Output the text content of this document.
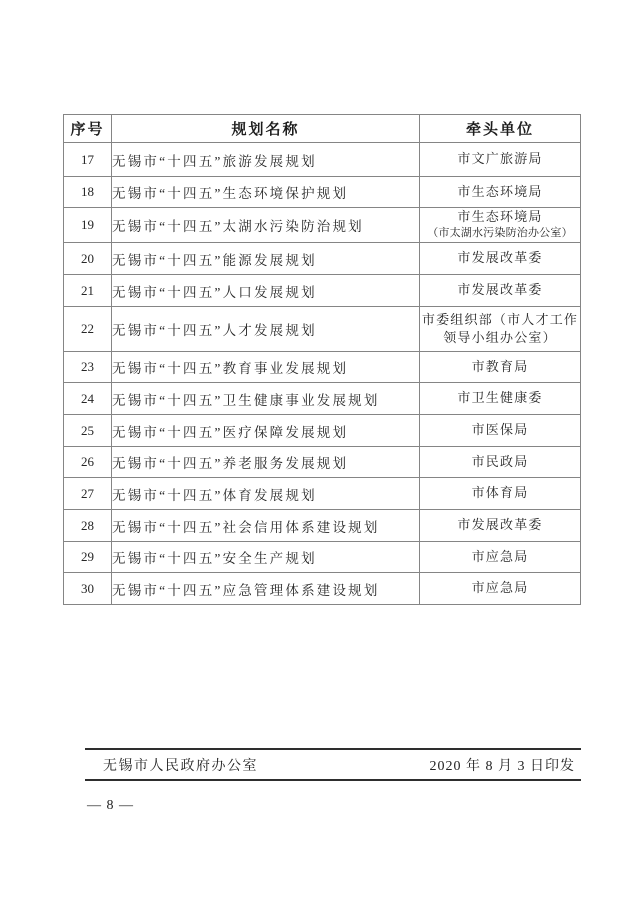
序号	规划名称	牵头单位
17	无锡市“十四五”旅游发展规划	市文广旅游局
18	无锡市“十四五”生态环境保护规划	市生态环境局
19	无锡市“十四五”太湖水污染防治规划	市生态环境局
（市太湖水污染防治办公室）

20	无锡市“十四五”能源发展规划	市发展改革委
21	无锡市“十四五”人口发展规划	市发展改革委
22	无锡市“十四五”人才发展规划	市委组织部（市人才工作
领导小组办公室）

23	无锡市“十四五”教育事业发展规划	市教育局
24	无锡市“十四五”卫生健康事业发展规划	市卫生健康委
25	无锡市“十四五”医疗保障发展规划	市医保局
26	无锡市“十四五”养老服务发展规划	市民政局
27	无锡市“十四五”体育发展规划	市体育局
28	无锡市“十四五”社会信用体系建设规划	市发展改革委
29	无锡市“十四五”安全生产规划	市应急局
30	无锡市“十四五”应急管理体系建设规划	市应急局
无锡市人民政府办公室	2020 年 8 月 3 日印发
— 8 —
